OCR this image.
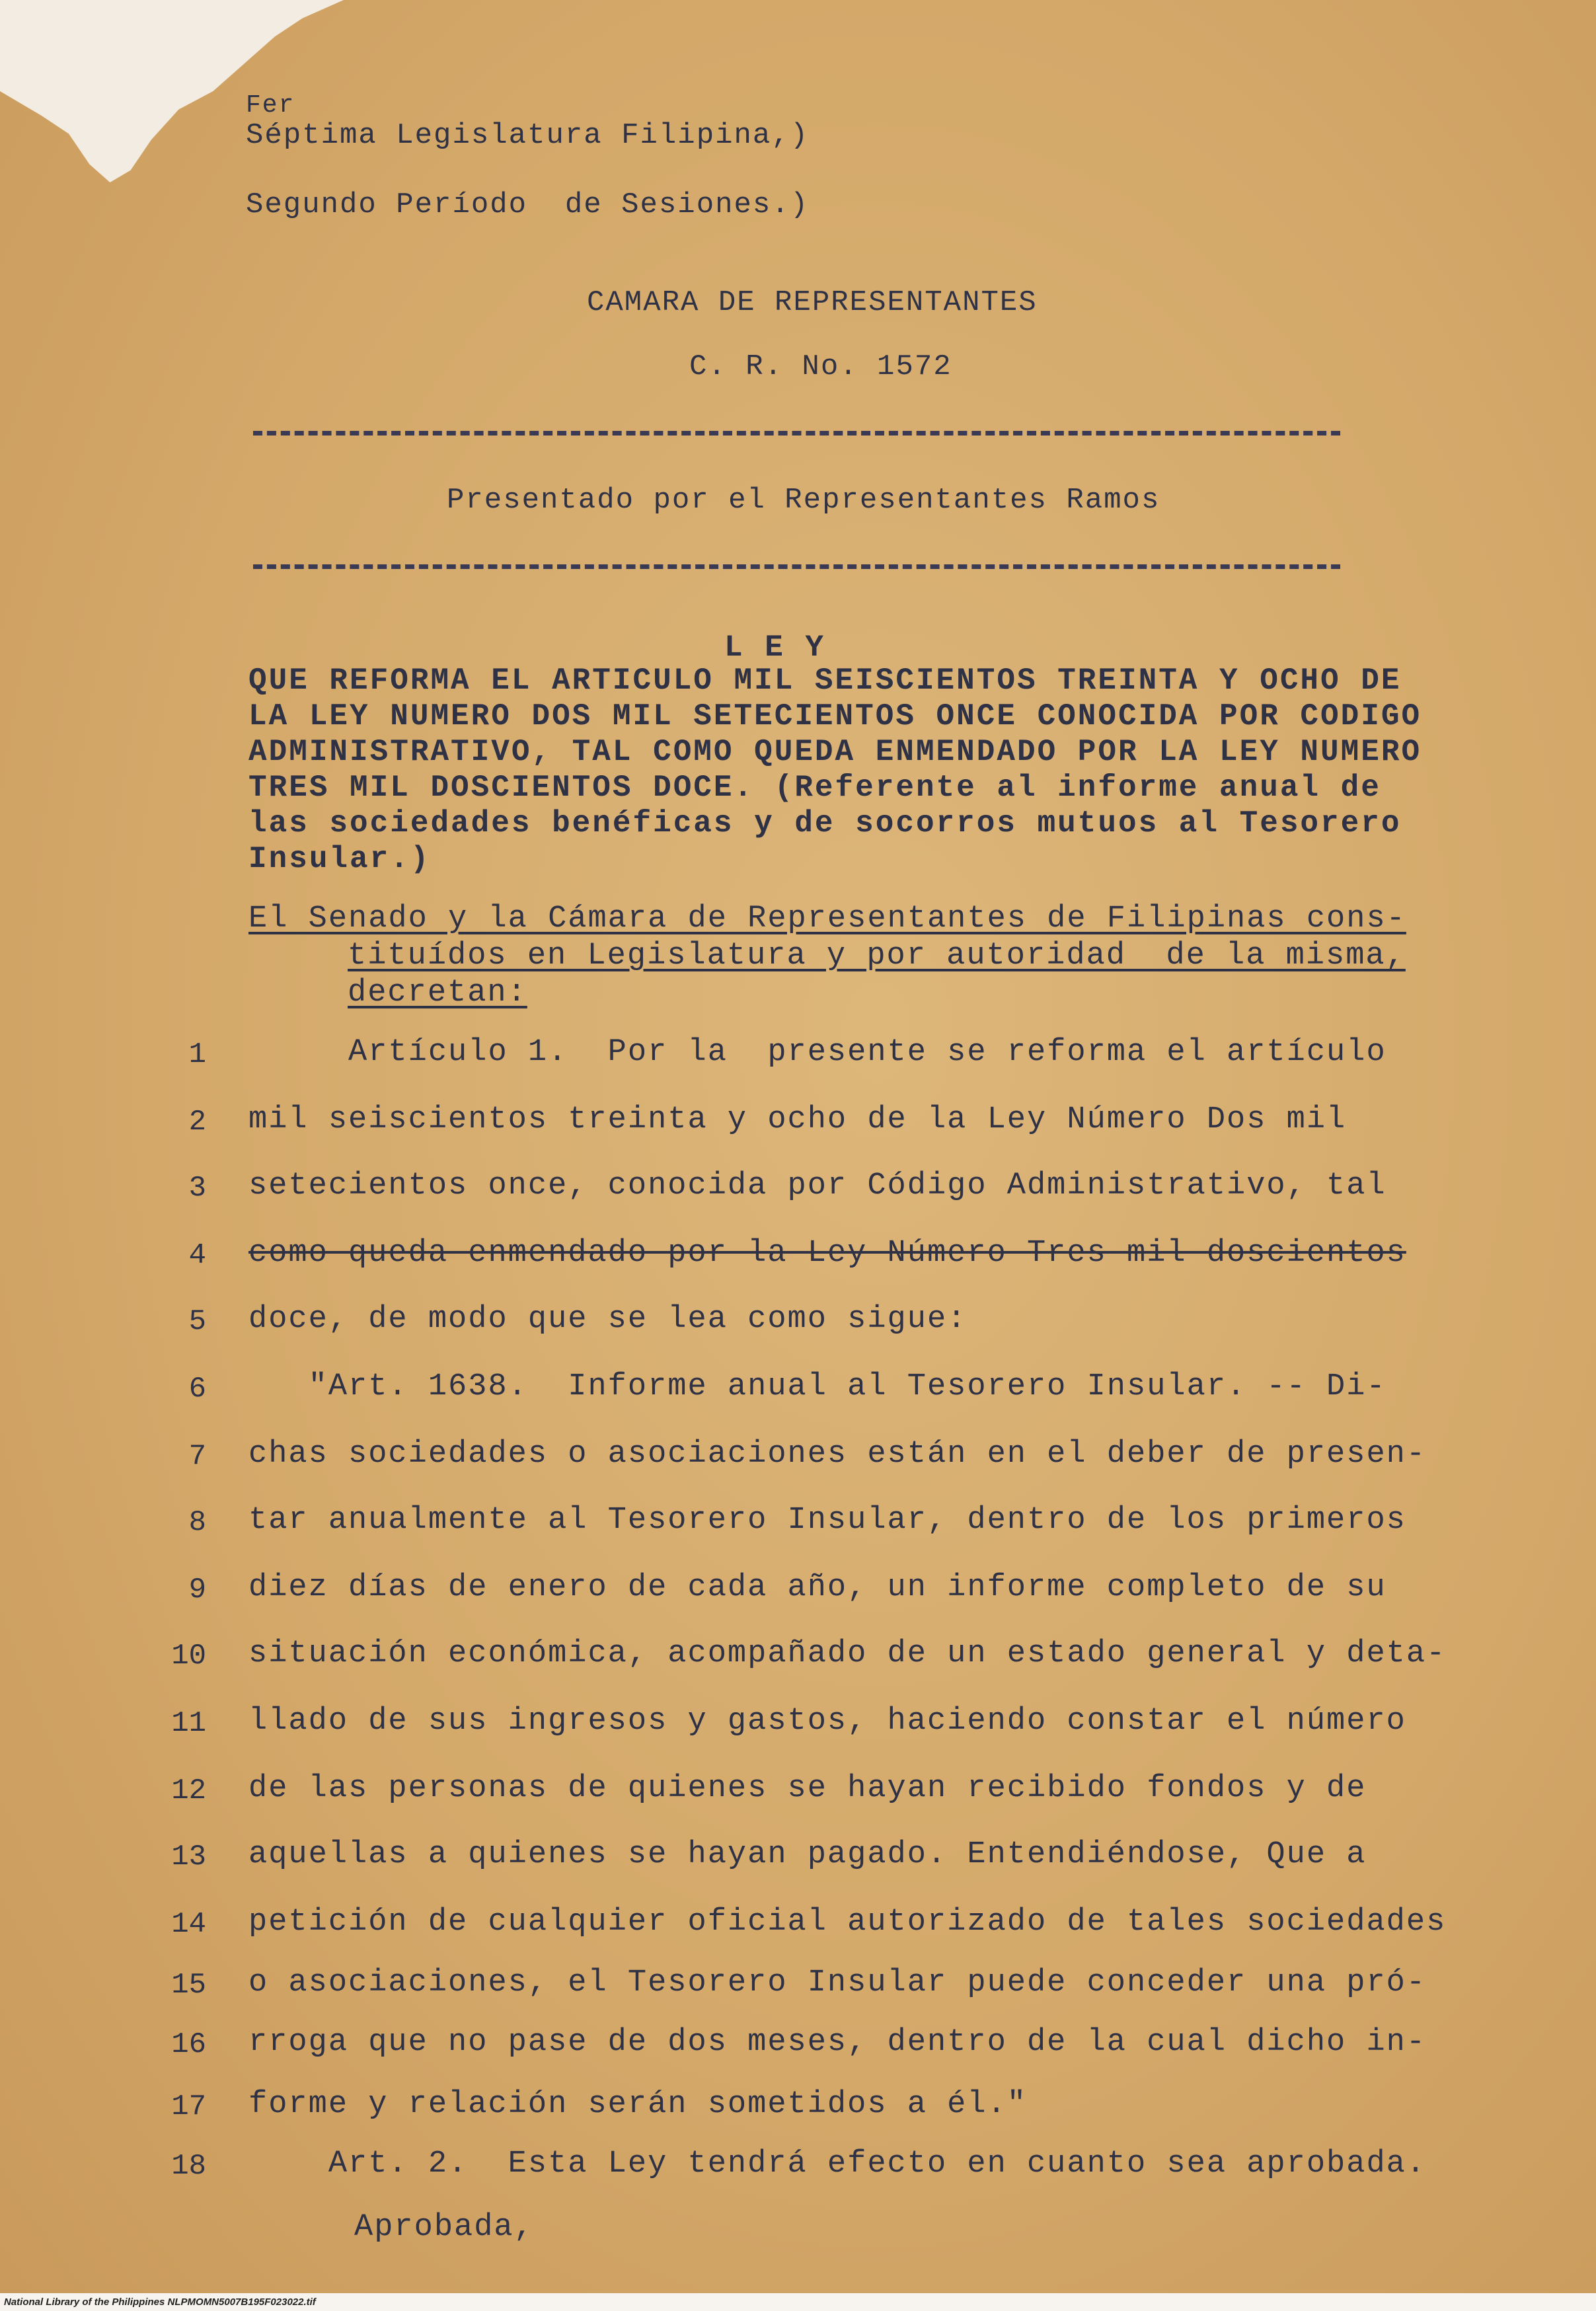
Fer
Séptima Legislatura Filipina,)
Segundo Período  de Sesiones.)
CAMARA DE REPRESENTANTES
C. R. No. 1572
Presentado por el Representantes Ramos
L E Y
QUE REFORMA EL ARTICULO MIL SEISCIENTOS TREINTA Y OCHO DE
LA LEY NUMERO DOS MIL SETECIENTOS ONCE CONOCIDA POR CODIGO
ADMINISTRATIVO, TAL COMO QUEDA ENMENDADO POR LA LEY NUMERO
TRES MIL DOSCIENTOS DOCE. (Referente al informe anual de
las sociedades benéficas y de socorros mutuos al Tesorero
Insular.)
El Senado y la Cámara de Representantes de Filipinas cons-
tituídos en Legislatura y por autoridad  de la misma,
decretan:
1 Artículo 1.  Por la  presente se reforma el artículo
2 mil seiscientos treinta y ocho de la Ley Número Dos mil
3 setecientos once, conocida por Código Administrativo, tal
4 como queda enmendado por la Ley Número Tres mil doscientos
5 doce, de modo que se lea como sigue:
6 "Art. 1638.  Informe anual al Tesorero Insular. -- Di-
7 chas sociedades o asociaciones están en el deber de presen-
8 tar anualmente al Tesorero Insular, dentro de los primeros
9 diez días de enero de cada año, un informe completo de su
10 situación económica, acompañado de un estado general y deta-
11 llado de sus ingresos y gastos, haciendo constar el número
12 de las personas de quienes se hayan recibido fondos y de
13 aquellas a quienes se hayan pagado. Entendiéndose, Que a
14 petición de cualquier oficial autorizado de tales sociedades
15 o asociaciones, el Tesorero Insular puede conceder una pró-
16 rroga que no pase de dos meses, dentro de la cual dicho in-
17 forme y relación serán sometidos a él."
18 Art. 2.  Esta Ley tendrá efecto en cuanto sea aprobada.
Aprobada,
National Library of the Philippines NLPMOMN5007B195F023022.tif
